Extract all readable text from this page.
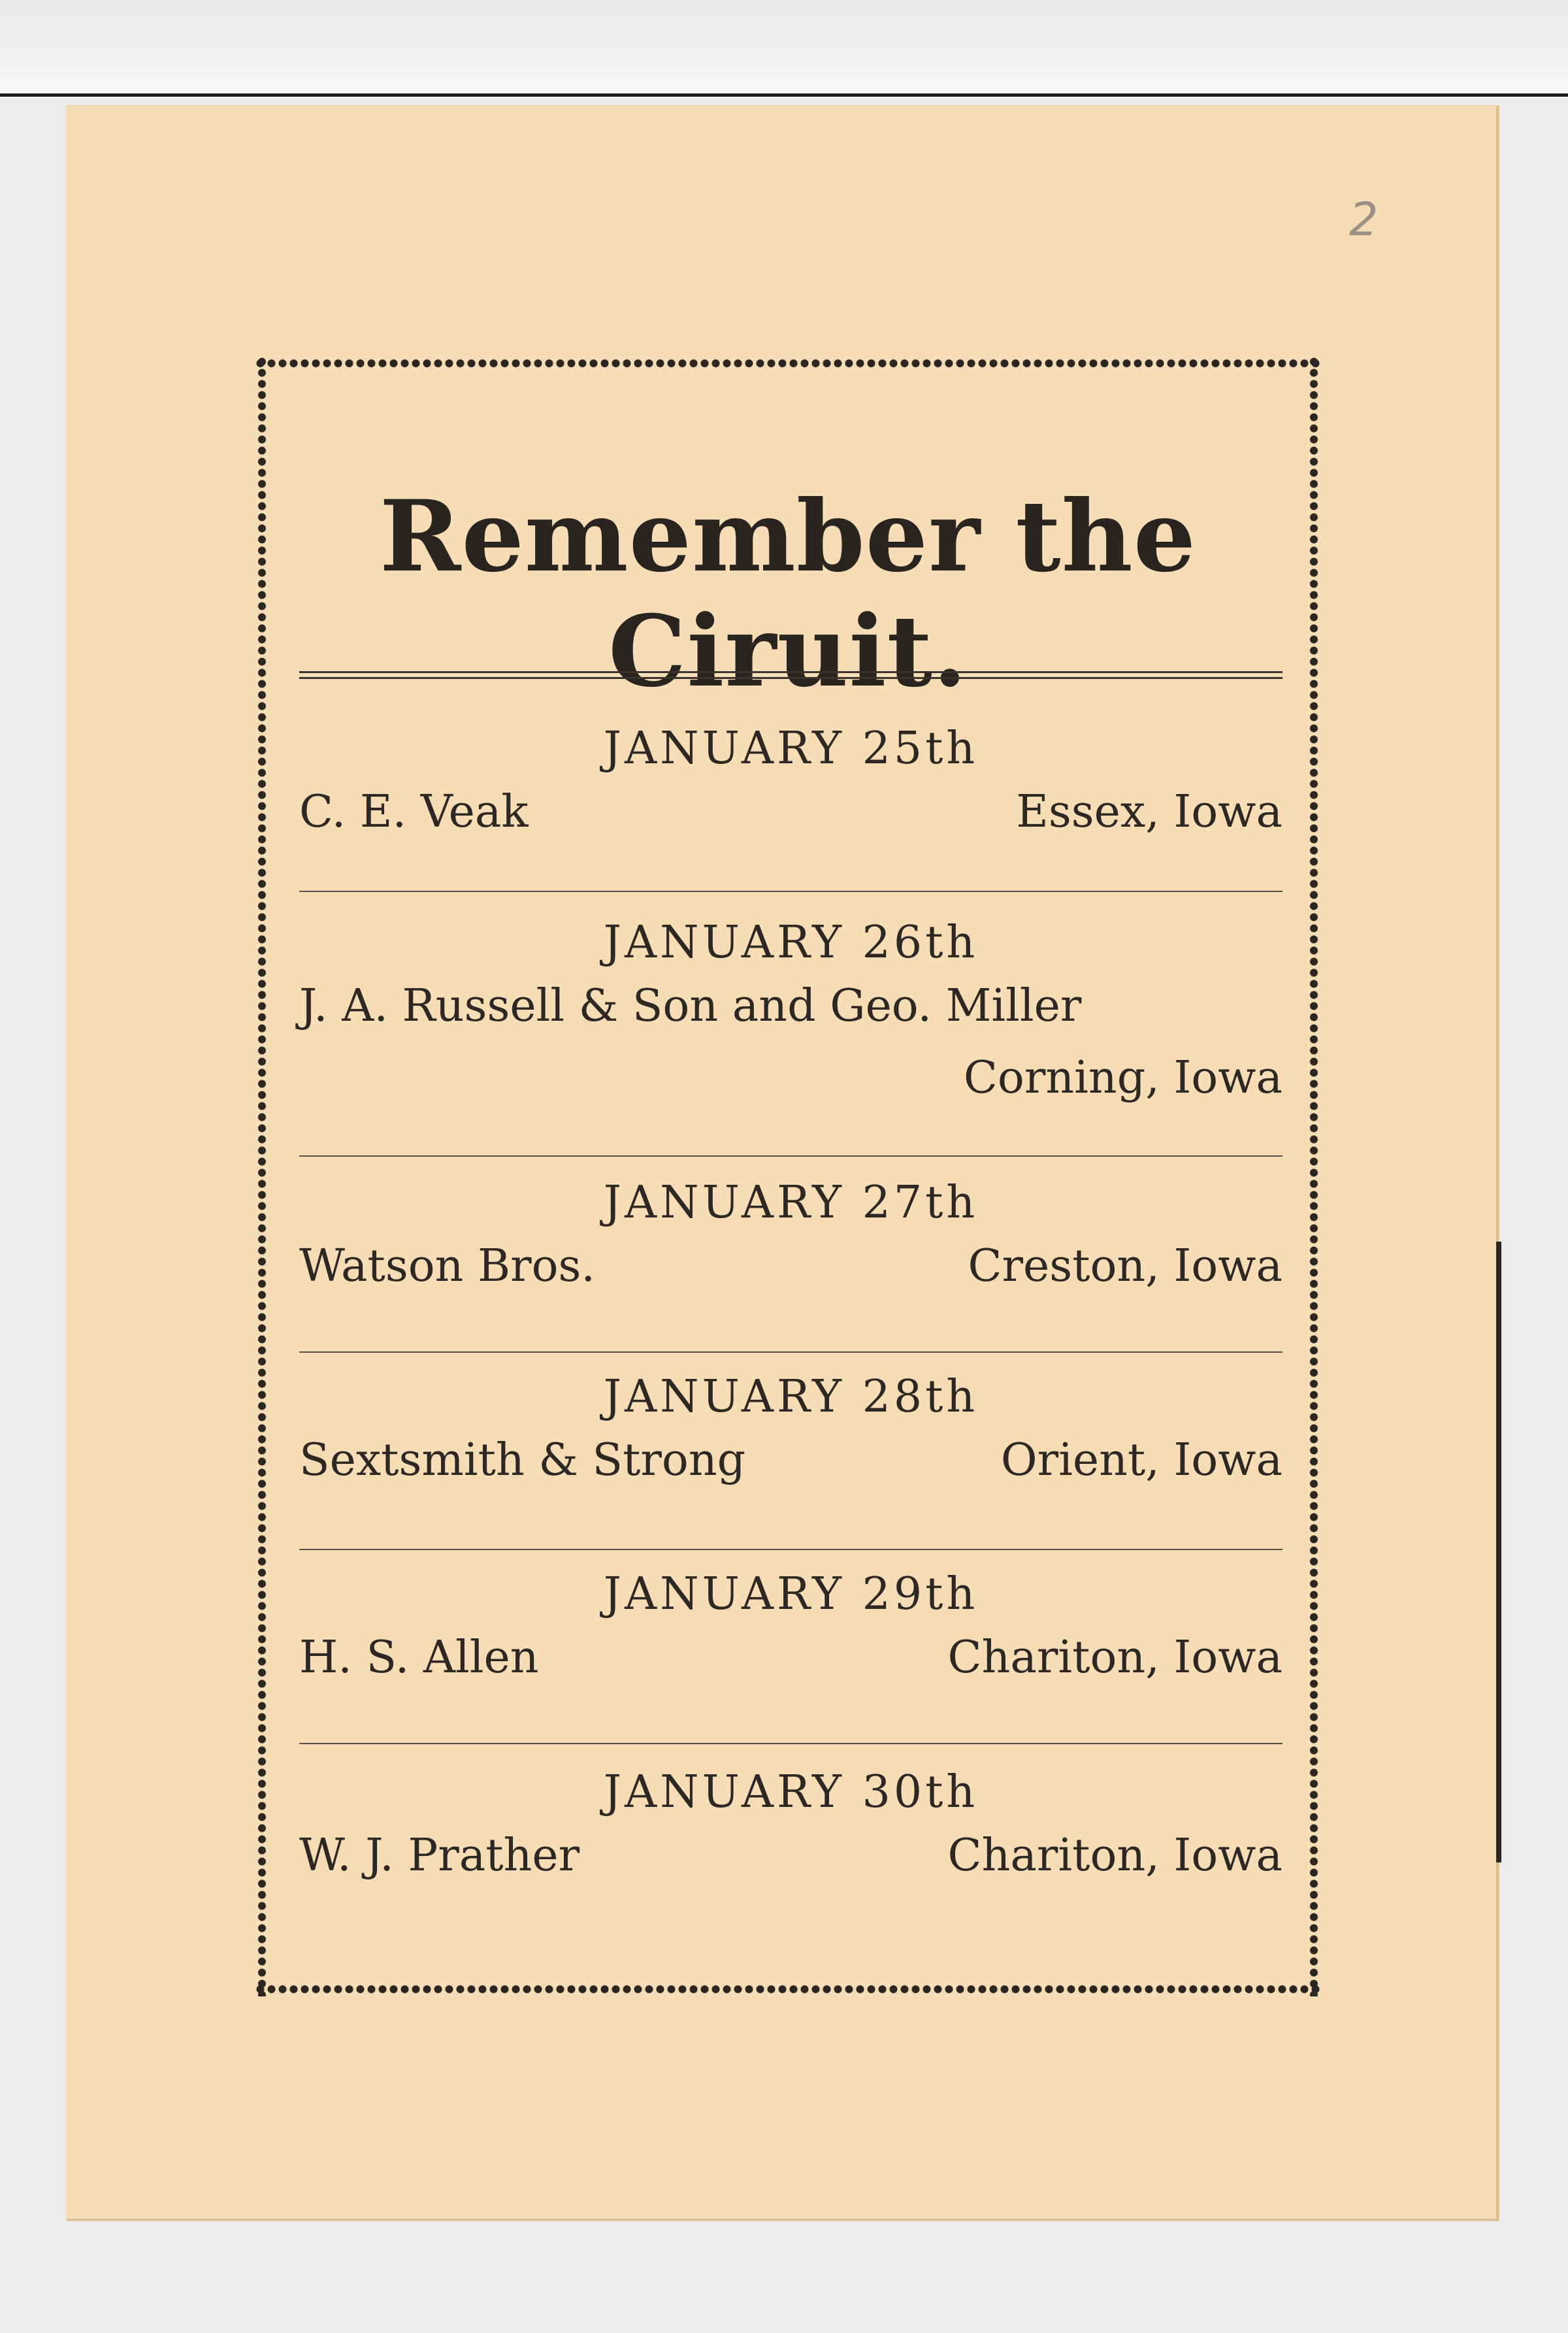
2
Remember the Ciruit.
JANUARY 25th
C. E. Veak	Essex, Iowa
JANUARY 26th
J. A. Russell & Son and Geo. Miller
Corning, Iowa
JANUARY 27th
Watson Bros.	Creston, Iowa
JANUARY 28th
Sextsmith & Strong	Orient, Iowa
JANUARY 29th
H. S. Allen	Chariton, Iowa
JANUARY 30th
W. J. Prather	Chariton, Iowa
